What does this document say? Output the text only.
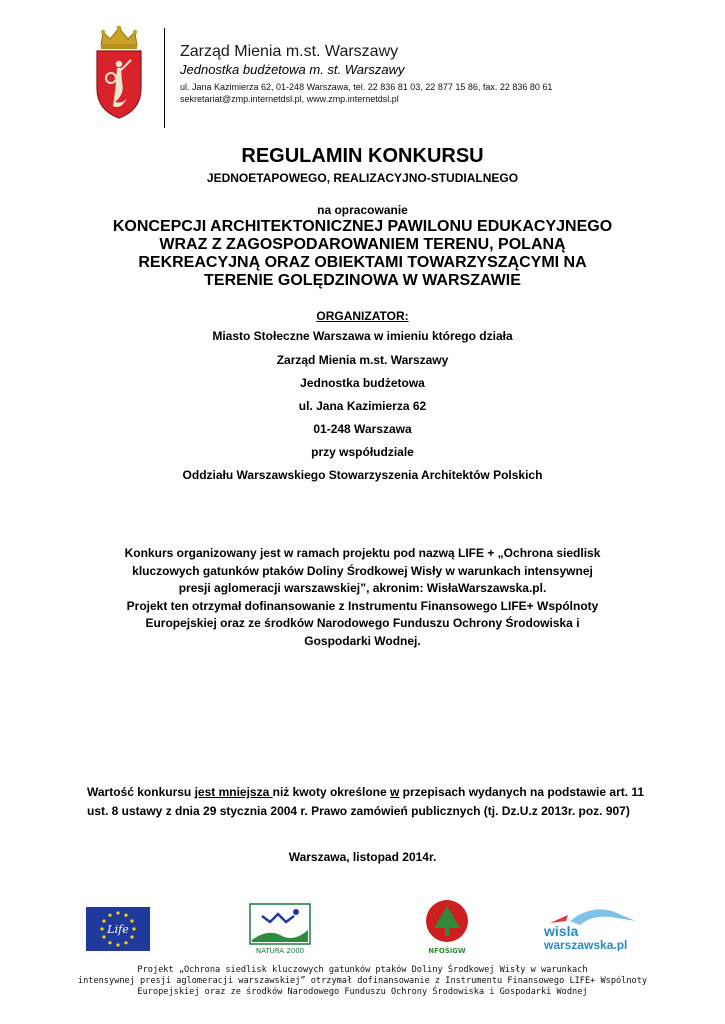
Zarząd Mienia m.st. Warszawy
Jednostka budżetowa m. st. Warszawy
ul. Jana Kazimierza 62, 01-248 Warszawa, tel. 22 836 81 03, 22 877 15 86, fax. 22 836 80 61
sekretariat@zmp.internetdsl.pl, www.zmp.internetdsl.pl
REGULAMIN KONKURSU
JEDNOETAPOWEGO, REALIZACYJNO-STUDIALNEGO
na opracowanie
KONCEPCJI ARCHITEKTONICZNEJ PAWILONU EDUKACYJNEGO
WRAZ Z ZAGOSPODAROWANIEM TERENU, POLANĄ
REKREACYJNĄ ORAZ OBIEKTAMI TOWARZYSZĄCYMI NA
TERENIE GOLĘDZINOWA W WARSZAWIE
ORGANIZATOR:
Miasto Stołeczne Warszawa w imieniu którego działa
Zarząd Mienia m.st. Warszawy
Jednostka budżetowa
ul. Jana Kazimierza 62
01-248 Warszawa
przy współudziale
Oddziału Warszawskiego Stowarzyszenia Architektów Polskich
Konkurs organizowany jest w ramach projektu pod nazwą LIFE + „Ochrona siedlisk
kluczowych gatunków ptaków Doliny Środkowej Wisły w warunkach intensywnej
presji aglomeracji warszawskiej”, akronim: WisłaWarszawska.pl.
Projekt ten otrzymał dofinansowanie z Instrumentu Finansowego LIFE+ Wspólnoty
Europejskiej oraz ze środków Narodowego Funduszu Ochrony Środowiska i
Gospodarki Wodnej.
Wartość konkursu jest mniejsza niż kwoty określone w przepisach wydanych na podstawie art. 11 ust. 8 ustawy z dnia 29 stycznia 2004 r. Prawo zamówień publicznych (tj. Dz.U.z 2013r. poz. 907)
Warszawa, listopad 2014r.
Life
NATURA 2000	NFOŚiGW
wisla
warszawska.pl
Projekt „Ochrona siedlisk kluczowych gatunków ptaków Doliny Środkowej Wisły w warunkach
intensywnej presji aglomeracji warszawskiej” otrzymał dofinansowanie z Instrumentu Finansowego LIFE+ Wspólnoty
Europejskiej oraz ze środków Narodowego Funduszu Ochrony Środowiska i Gospodarki Wodnej
